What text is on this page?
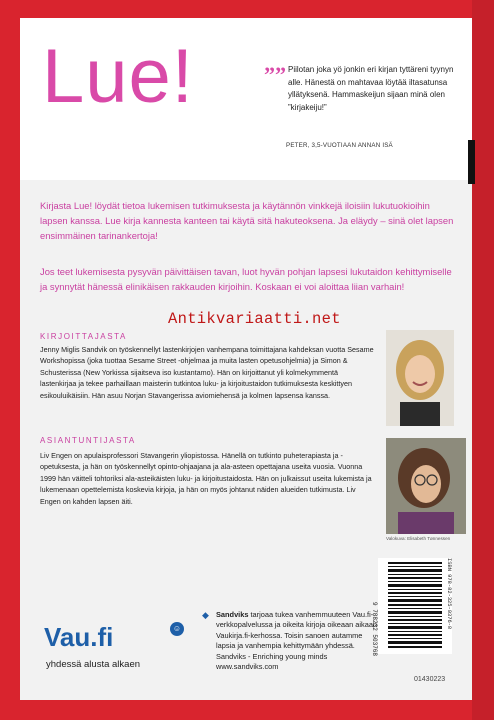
Lue!	”” Piilotan joka yö jonkin eri kirjan tyttäreni tyynyn alle. Hänestä on mahtavaa löytää iltasatunsa yllätyksenä. Hammaskeijun sijaan minä olen ”kirjakeiju!”
PETER, 3,5-VUOTIAAN ANNAN ISÄ
Kirjasta Lue! löydät tietoa lukemisen tutkimuksesta ja käytännön vinkkejä iloisiin lukutuokioihin lapsen kanssa. Lue kirja kannesta kanteen tai käytä sitä hakuteoksena. Ja eläydy – sinä olet lapsen ensimmäinen tarinankertoja!
Jos teet lukemisesta pysyvän päivittäisen tavan, luot hyvän pohjan lapsesi lukutaidon kehittymiselle ja synnytät hänessä elinikäisen rakkauden kirjoihin. Koskaan ei voi aloittaa liian varhain!
Antikvariaatti.net
KIRJOITTAJASTA
Jenny Miglis Sandvik on työskennellyt lastenkirjojen vanhempana toimittajana kahdeksan vuotta Sesame Workshopissa (joka tuottaa Sesame Street -ohjelmaa ja muita lasten opetusohjelmia) ja Simon & Schusterissa (New Yorkissa sijaitseva iso kustantamo). Hän on kirjoittanut yli kolmekymmentä lastenkirjaa ja tekee parhaillaan maisterin tutkintoa luku- ja kirjoitustaidon tutkimuksesta keskittyen esikouluikäisiin. Hän asuu Norjan Stavangerissa aviomiehensä ja kolmen lapsensa kanssa.
ASIANTUNTIJASTA
Liv Engen on apulaisprofessori Stavangerin yliopistossa. Hänellä on tutkinto puheterapiasta ja -opetuksesta, ja hän on työskennellyt opinto-ohjaajana ja ala-asteen opettajana useita vuosia. Vuonna 1999 hän väitteli tohtoriksi ala-asteikäisten luku- ja kirjoitustaidosta. Hän on julkaissut useita lukemista ja lukemenaan opettelemista koskevia kirjoja, ja hän on myös johtanut näiden alueiden tutkimusta. Liv Engen on kahden lapsen äiti.
Valokuva: Elisabeth Tønnessen
9 788232 503768	ISBN 978-82-325-0376-8
Vau.fi	☺
yhdessä alusta alkaen
◆ Sandviks tarjoaa tukea vanhemmuuteen Vau.fi-verkkopalvelussa ja oikeita kirjoja oikeaan aikaan Vaukirja.fi-kerhossa. Toisin sanoen autamme lapsia ja vanhempia kehittymään yhdessä.
Sandviks - Enriching young minds
www.sandviks.com
01430223
